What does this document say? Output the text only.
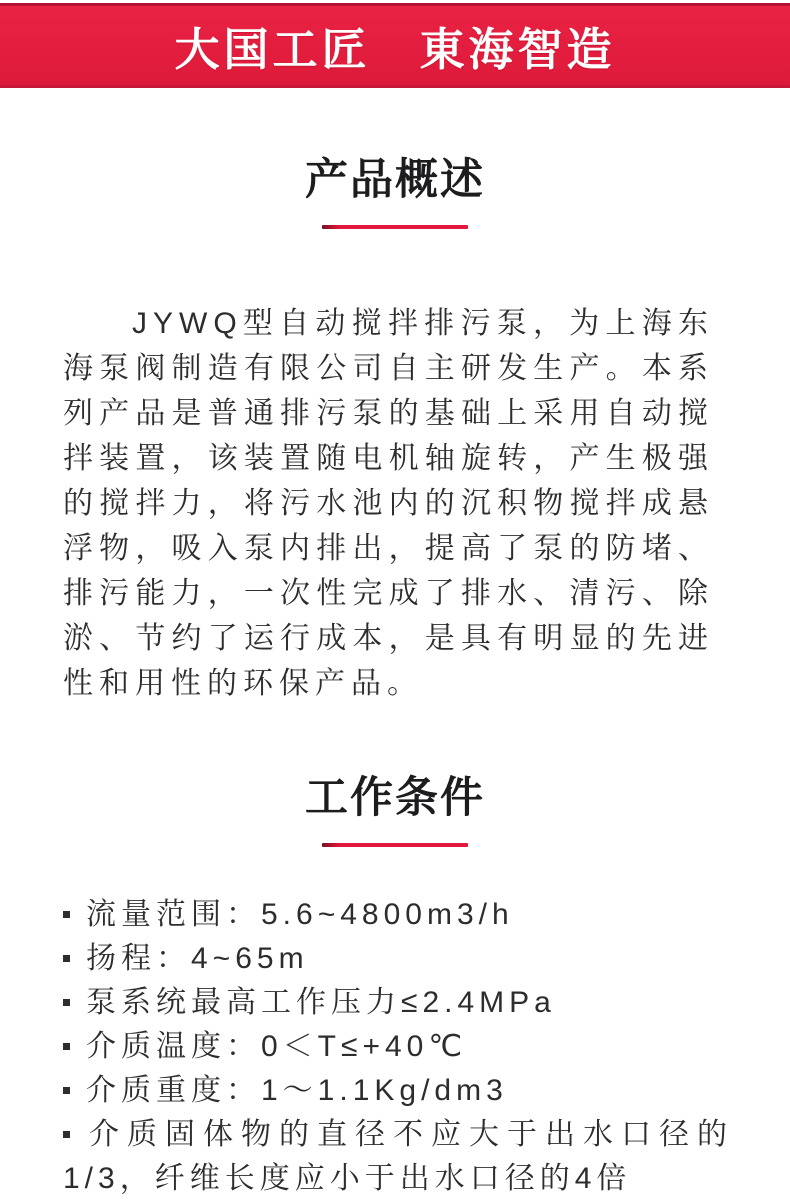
大国工匠　東海智造
产品概述

JYWQ型自动搅拌排污泵，为上海东海泵阀制造有限公司自主研发生产。本系列产品是普通排污泵的基础上采用自动搅拌装置，该装置随电机轴旋转，产生极强的搅拌力，将污水池内的沉积物搅拌成悬浮物，吸入泵内排出，提高了泵的防堵、排污能力，一次性完成了排水、清污、除淤、节约了运行成本，是具有明显的先进性和用性的环保产品。

工作条件
流量范围：5.6~4800m3/h
扬程：4~65m
泵系统最高工作压力≤2.4MPa
介质温度：0＜T≤+40℃
介质重度：1～1.1Kg/dm3
介质固体物的直径不应大于出水口径的1/3，纤维长度应小于出水口径的4倍
